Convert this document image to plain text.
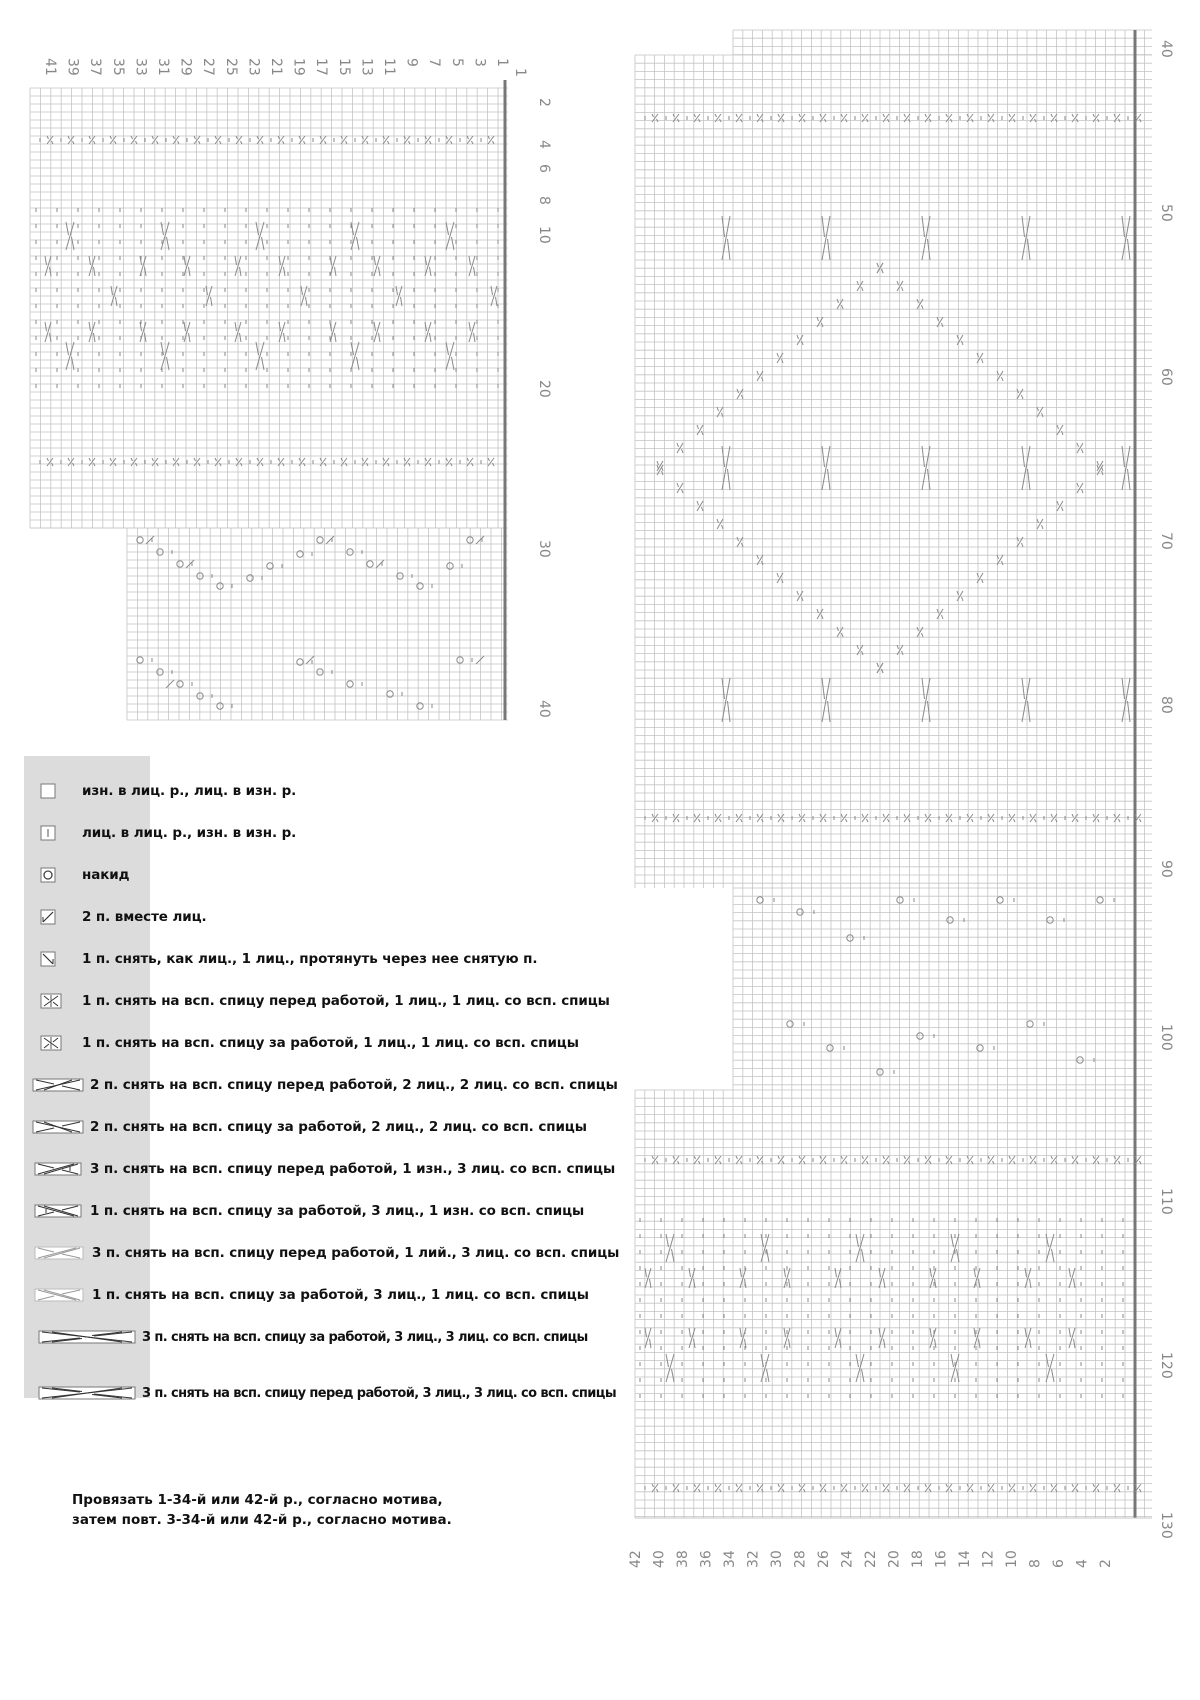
41 39 37 35 33 31 29 27 25 23 21 19 17 15 13 11 9 7 5 3 1
1
2
4
6
8
10
20
30
40
40
50
60
70
80
90
100
110
120
130
42 40 38 36 34 32 30 28 26 24 22 20 18 16 14 12 10 8 6 4 2
изн. в лиц. р., лиц. в изн. р.
лиц. в лиц. р., изн. в изн. р.
накид
2 п. вместе лиц.
1 п. снять, как лиц., 1 лиц., протянуть через нее снятую п.
1 п. снять на всп. спицу перед работой, 1 лиц., 1 лиц. со всп. спицы
1 п. снять на всп. спицу за работой, 1 лиц., 1 лиц. со всп. спицы
2 п. снять на всп. спицу перед работой, 2 лиц., 2 лиц. со всп. спицы
2 п. снять на всп. спицу за работой, 2 лиц., 2 лиц. со всп. спицы
3 п. снять на всп. спицу перед работой, 1 изн., 3 лиц. со всп. спицы
1 п. снять на всп. спицу за работой, 3 лиц., 1 изн. со всп. спицы
3 п. снять на всп. спицу перед работой, 1 лий., 3 лиц. со всп. спицы
1 п. снять на всп. спицу за работой, 3 лиц., 1 лиц. со всп. спицы
3 п. снять на всп. спицу за работой, 3 лиц., 3 лиц. со всп. спицы
3 п. снять на всп. спицу перед работой, 3 лиц., 3 лиц. со всп. спицы
Провязать 1-34-й или 42-й р., согласно мотива,
затем повт. 3-34-й или 42-й р., согласно мотива.
